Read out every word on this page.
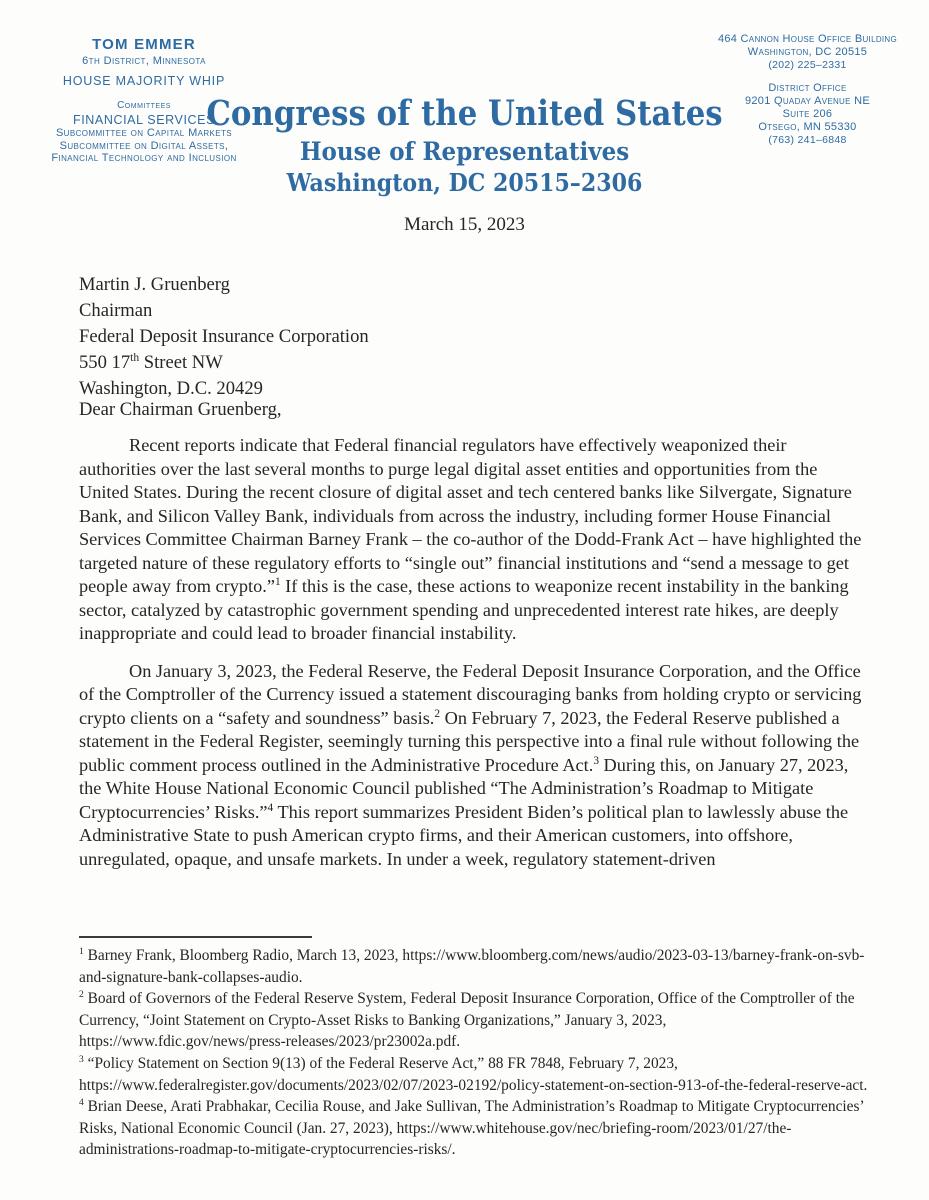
TOM EMMER
6th District, Minnesota
HOUSE MAJORITY WHIP
Committees
FINANCIAL SERVICES
Subcommittee on Capital Markets
Subcommittee on Digital Assets,
Financial Technology and Inclusion
Congress of the United States
House of Representatives
Washington, DC 20515–2306
464 Cannon House Office Building
Washington, DC 20515
(202) 225–2331
District Office
9201 Quaday Avenue NE
Suite 206
Otsego, MN 55330
(763) 241–6848
March 15, 2023
Martin J. Gruenberg
Chairman
Federal Deposit Insurance Corporation
550 17th Street NW
Washington, D.C. 20429
Dear Chairman Gruenberg,

Recent reports indicate that Federal financial regulators have effectively weaponized their authorities over the last several months to purge legal digital asset entities and opportunities from the United States. During the recent closure of digital asset and tech centered banks like Silvergate, Signature Bank, and Silicon Valley Bank, individuals from across the industry, including former House Financial Services Committee Chairman Barney Frank – the co-author of the Dodd-Frank Act – have highlighted the targeted nature of these regulatory efforts to “single out” financial institutions and “send a message to get people away from crypto.”$^1$ If this is the case, these actions to weaponize recent instability in the banking sector, catalyzed by catastrophic government spending and unprecedented interest rate hikes, are deeply inappropriate and could lead to broader financial instability.

On January 3, 2023, the Federal Reserve, the Federal Deposit Insurance Corporation, and the Office of the Comptroller of the Currency issued a statement discouraging banks from holding crypto or servicing crypto clients on a “safety and soundness” basis.$^2$ On February 7, 2023, the Federal Reserve published a statement in the Federal Register, seemingly turning this perspective into a final rule without following the public comment process outlined in the Administrative Procedure Act.$^3$ During this, on January 27, 2023, the White House National Economic Council published “The Administration’s Roadmap to Mitigate Cryptocurrencies’ Risks.”$^4$ This report summarizes President Biden’s political plan to lawlessly abuse the Administrative State to push American crypto firms, and their American customers, into offshore, unregulated, opaque, and unsafe markets. In under a week, regulatory statement-driven

$^1$ Barney Frank, Bloomberg Radio, March 13, 2023, https://www.bloomberg.com/news/audio/2023-03-13/barney-frank-on-svb-and-signature-bank-collapses-audio.
$^2$ Board of Governors of the Federal Reserve System, Federal Deposit Insurance Corporation, Office of the Comptroller of the Currency, “Joint Statement on Crypto-Asset Risks to Banking Organizations,” January 3, 2023, https://www.fdic.gov/news/press-releases/2023/pr23002a.pdf.
$^3$ “Policy Statement on Section 9(13) of the Federal Reserve Act,” 88 FR 7848, February 7, 2023, https://www.federalregister.gov/documents/2023/02/07/2023-02192/policy-statement-on-section-913-of-the-federal-reserve-act.
$^4$ Brian Deese, Arati Prabhakar, Cecilia Rouse, and Jake Sullivan, The Administration’s Roadmap to Mitigate Cryptocurrencies’ Risks, National Economic Council (Jan. 27, 2023), https://www.whitehouse.gov/nec/briefing-room/2023/01/27/the-administrations-roadmap-to-mitigate-cryptocurrencies-risks/.
